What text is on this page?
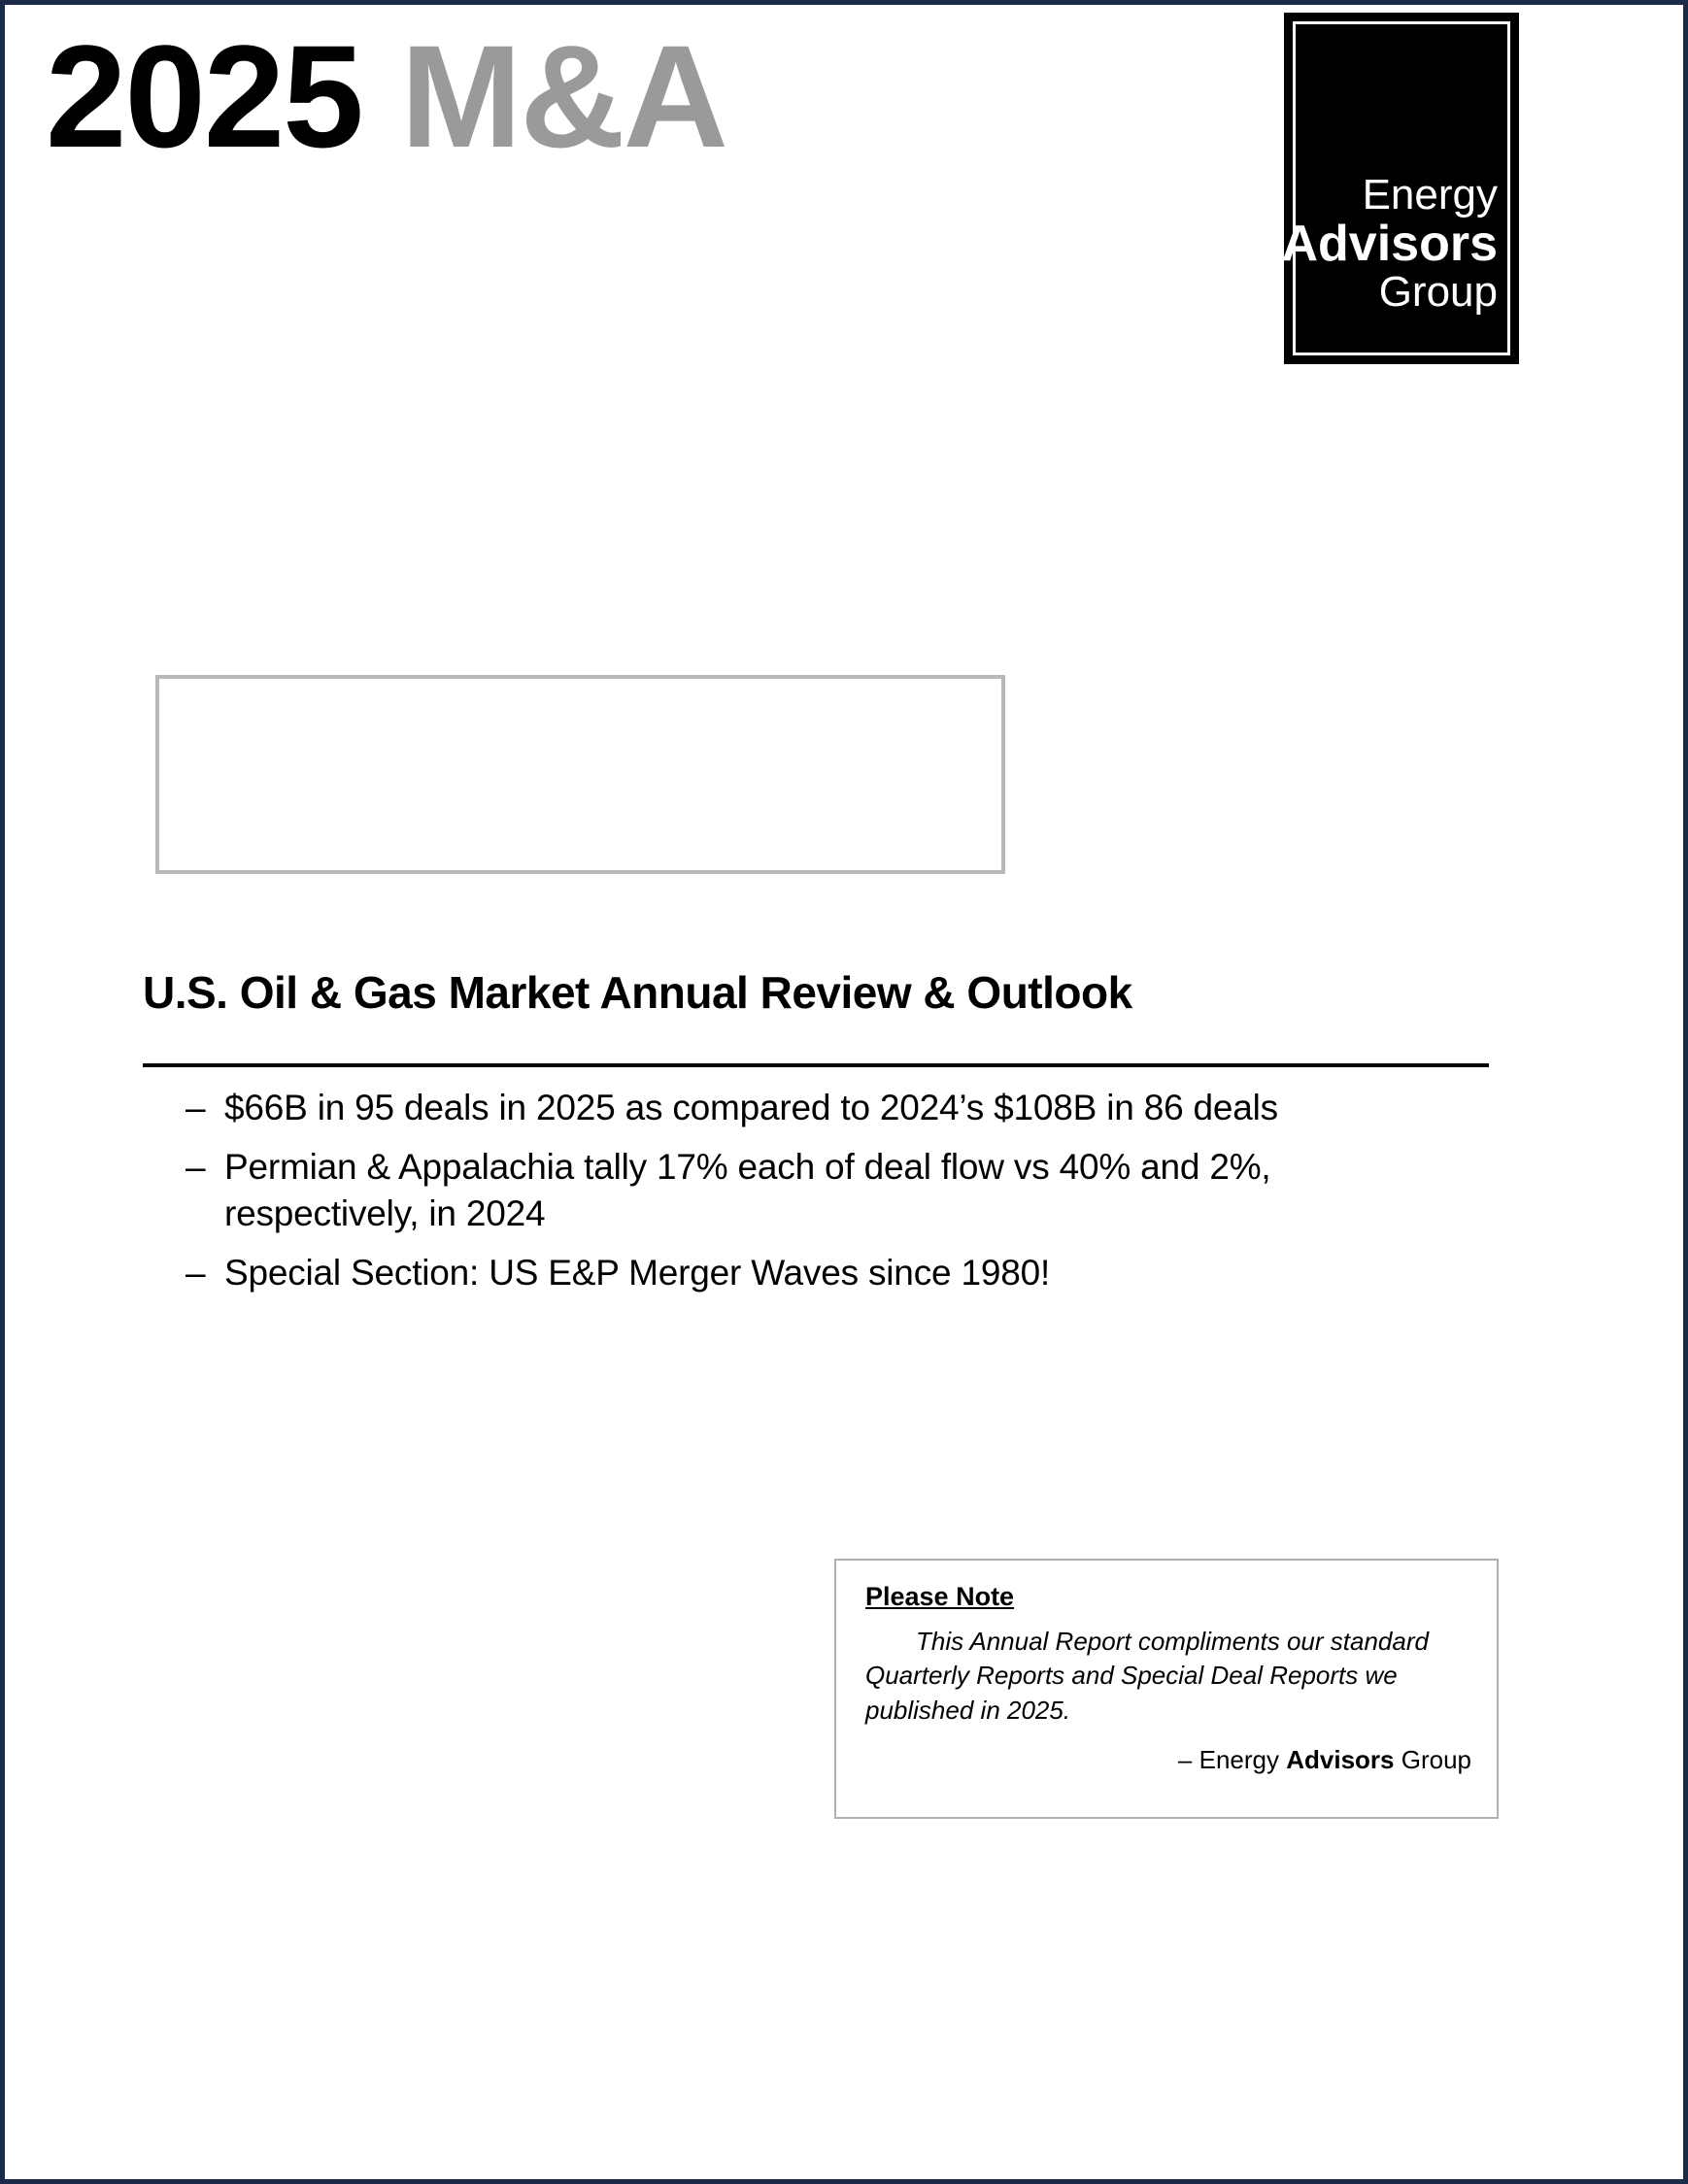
Energy
Advisors
Group
2025 M&A
U.S. Oil & Gas Market Annual Review & Outlook
– $66B in 95 deals in 2025 as compared to 2024’s $108B in 86 deals
– Permian & Appalachia tally 17% each of deal flow vs 40% and 2%, respectively, in 2024
– Special Section: US E&P Merger Waves since 1980!
Please Note
This Annual Report compliments our standard Quarterly Reports and Special Deal Reports we published in 2025.
– Energy Advisors Group
